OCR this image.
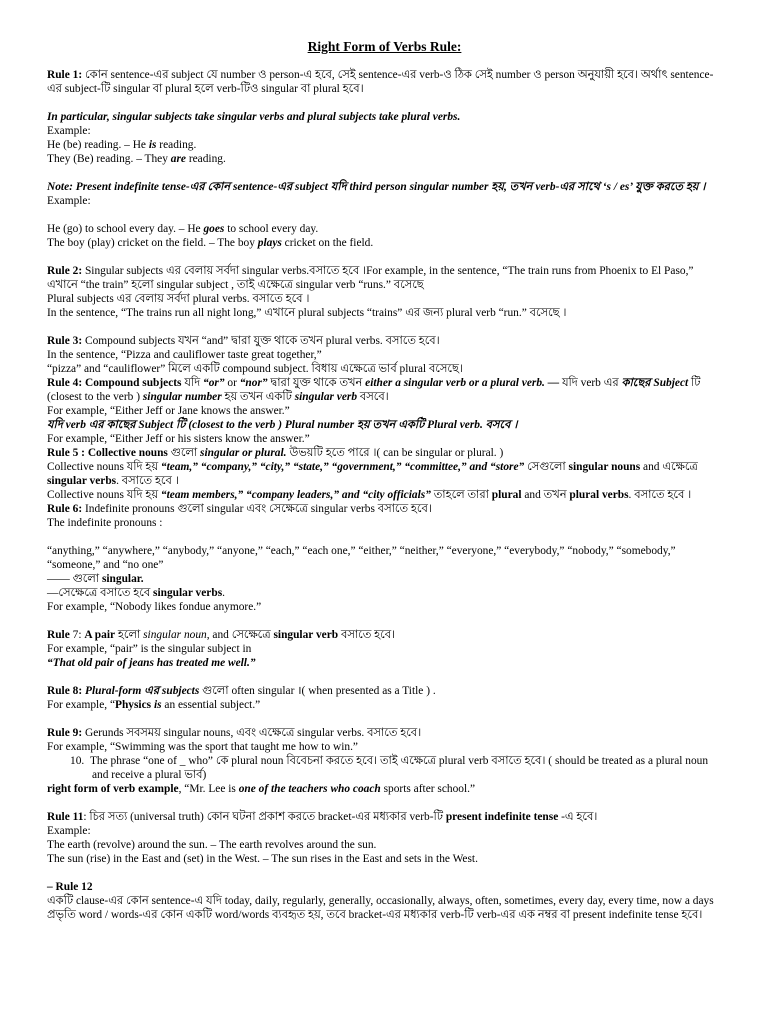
Right Form of Verbs Rule:

Rule 1: কোন sentence-এর subject যে number ও person-এ হবে, সেই sentence-এর verb-ও ঠিক সেই number ও person অনুযায়ী হবে। অর্থাৎ sentence-এর subject-টি singular বা plural হলে verb-টিও singular বা plural হবে।

In particular, singular subjects take singular verbs and plural subjects take plural verbs.

Example:

He (be) reading. – He is reading.

They (Be) reading. – They are reading.

Note: Present indefinite tense-এর কোন sentence-এর subject যদি third person singular number হয়, তখন verb-এর সাথে ‘s / es’ যুক্ত করতে হয় ।

Example:

He (go) to school every day. – He goes to school every day.

The boy (play) cricket on the field. – The boy plays cricket on the field.

Rule 2: Singular subjects এর বেলায় সর্বদা singular verbs.বসাতে হবে ।For example, in the sentence, “The train runs from Phoenix to El Paso,” এখানে “the train” হলো singular subject , তাই এক্ষেত্রে singular verb “runs.” বসেছে

Plural subjects এর বেলায় সর্বদা plural verbs. বসাতে হবে ।

In the sentence, “The trains run all night long,” এখানে plural subjects “trains” এর জন্য plural verb “run.” বসেছে ।

Rule 3: Compound subjects যখন “and” দ্বারা যুক্ত থাকে তখন plural verbs. বসাতে হবে।

In the sentence, “Pizza and cauliflower taste great together,”

“pizza” and “cauliflower” মিলে একটি compound subject. বিধায় এক্ষেত্রে ভার্ব plural বসেছে।

Rule 4: Compound subjects যদি “or” or “nor” দ্বারা যুক্ত থাকে তখন either a singular verb or a plural verb. — যদি verb এর কাছের Subject টি (closest to the verb ) singular number হয় তখন একটি singular verb বসবে।

For example, “Either Jeff or Jane knows the answer.”

যদি verb এর কাছের Subject টি (closest to the verb ) Plural number হয় তখন একটি Plural verb. বসবে ।

For example, “Either Jeff or his sisters know the answer.”

Rule 5 : Collective nouns গুলো singular or plural. উভয়টি হতে পারে ।( can be singular or plural. )

Collective nouns যদি হয় “team,” “company,” “city,” “state,” “government,” “committee,” and “store” সেগুলো singular nouns and এক্ষেত্রে singular verbs. বসাতে হবে ।

Collective nouns যদি হয় “team members,” “company leaders,” and “city officials” তাহলে তারা plural and তখন plural verbs. বসাতে হবে ।

Rule 6: Indefinite pronouns গুলো singular এবং সেক্ষেত্রে singular verbs বসাতে হবে।

The indefinite pronouns :

“anything,” “anywhere,” “anybody,” “anyone,” “each,” “each one,” “either,” “neither,” “everyone,” “everybody,” “nobody,” “somebody,” “someone,” and “no one”

—— গুলো singular.

—সেক্ষেত্রে বসাতে হবে singular verbs.

For example, “Nobody likes fondue anymore.”

Rule 7: A pair হলো singular noun, and সেক্ষেত্রে singular verb বসাতে হবে।

For example, “pair” is the singular subject in

“That old pair of jeans has treated me well.”

Rule 8: Plural-form এর subjects গুলো often singular ।( when presented as a Title ) .

For example, “Physics is an essential subject.”

Rule 9: Gerunds সবসময় singular nouns, এবং এক্ষেত্রে singular verbs. বসাতে হবে।

For example, “Swimming was the sport that taught me how to win.”

10. The phrase “one of _ who” কে plural noun বিবেচনা করতে হবে। তাই এক্ষেত্রে plural verb বসাতে হবে। ( should be treated as a plural noun and receive a plural ভার্ব)

right form of verb example, “Mr. Lee is one of the teachers who coach sports after school.”

Rule 11: চির সত্য (universal truth) কোন ঘটনা প্রকাশ করতে bracket-এর মধ্যকার verb-টি present indefinite tense -এ হবে।

Example:

The earth (revolve) around the sun. – The earth revolves around the sun.

The sun (rise) in the East and (set) in the West. – The sun rises in the East and sets in the West.

– Rule 12

একটি clause-এর কোন sentence-এ যদি today, daily, regularly, generally, occasionally, always, often, sometimes, every day, every time, now a days প্রভৃতি word / words-এর কোন একটি word/words ব্যবহৃত হয়, তবে bracket-এর মধ্যকার verb-টি verb-এর এক নম্বর বা present indefinite tense হবে।
